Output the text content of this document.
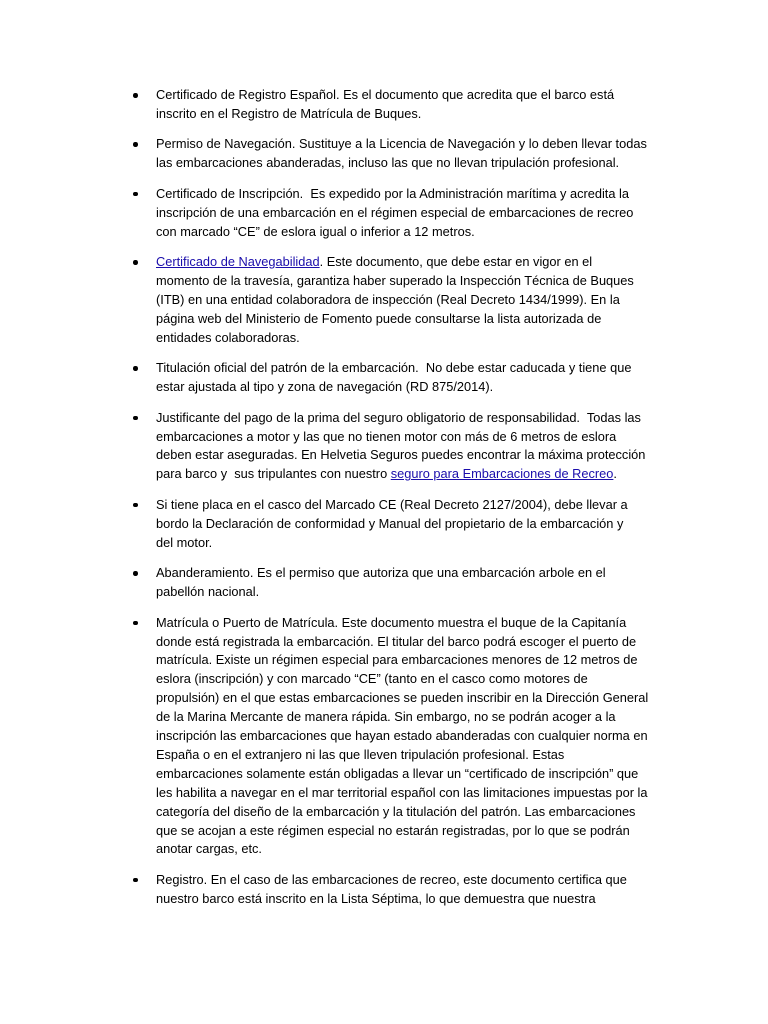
Certificado de Registro Español. Es el documento que acredita que el barco está
inscrito en el Registro de Matrícula de Buques.
Permiso de Navegación. Sustituye a la Licencia de Navegación y lo deben llevar todas
las embarcaciones abanderadas, incluso las que no llevan tripulación profesional.
Certificado de Inscripción.  Es expedido por la Administración marítima y acredita la
inscripción de una embarcación en el régimen especial de embarcaciones de recreo
con marcado “CE” de eslora igual o inferior a 12 metros.
Certificado de Navegabilidad. Este documento, que debe estar en vigor en el
momento de la travesía, garantiza haber superado la Inspección Técnica de Buques
(ITB) en una entidad colaboradora de inspección (Real Decreto 1434/1999). En la
página web del Ministerio de Fomento puede consultarse la lista autorizada de
entidades colaboradoras.
Titulación oficial del patrón de la embarcación.  No debe estar caducada y tiene que
estar ajustada al tipo y zona de navegación (RD 875/2014).
Justificante del pago de la prima del seguro obligatorio de responsabilidad.  Todas las
embarcaciones a motor y las que no tienen motor con más de 6 metros de eslora
deben estar aseguradas. En Helvetia Seguros puedes encontrar la máxima protección
para barco y  sus tripulantes con nuestro seguro para Embarcaciones de Recreo.
Si tiene placa en el casco del Marcado CE (Real Decreto 2127/2004), debe llevar a
bordo la Declaración de conformidad y Manual del propietario de la embarcación y
del motor.
Abanderamiento. Es el permiso que autoriza que una embarcación arbole en el
pabellón nacional.
Matrícula o Puerto de Matrícula. Este documento muestra el buque de la Capitanía
donde está registrada la embarcación. El titular del barco podrá escoger el puerto de
matrícula. Existe un régimen especial para embarcaciones menores de 12 metros de
eslora (inscripción) y con marcado “CE” (tanto en el casco como motores de
propulsión) en el que estas embarcaciones se pueden inscribir en la Dirección General
de la Marina Mercante de manera rápida. Sin embargo, no se podrán acoger a la
inscripción las embarcaciones que hayan estado abanderadas con cualquier norma en
España o en el extranjero ni las que lleven tripulación profesional. Estas
embarcaciones solamente están obligadas a llevar un “certificado de inscripción” que
les habilita a navegar en el mar territorial español con las limitaciones impuestas por la
categoría del diseño de la embarcación y la titulación del patrón. Las embarcaciones
que se acojan a este régimen especial no estarán registradas, por lo que se podrán
anotar cargas, etc.
Registro. En el caso de las embarcaciones de recreo, este documento certifica que
nuestro barco está inscrito en la Lista Séptima, lo que demuestra que nuestra
